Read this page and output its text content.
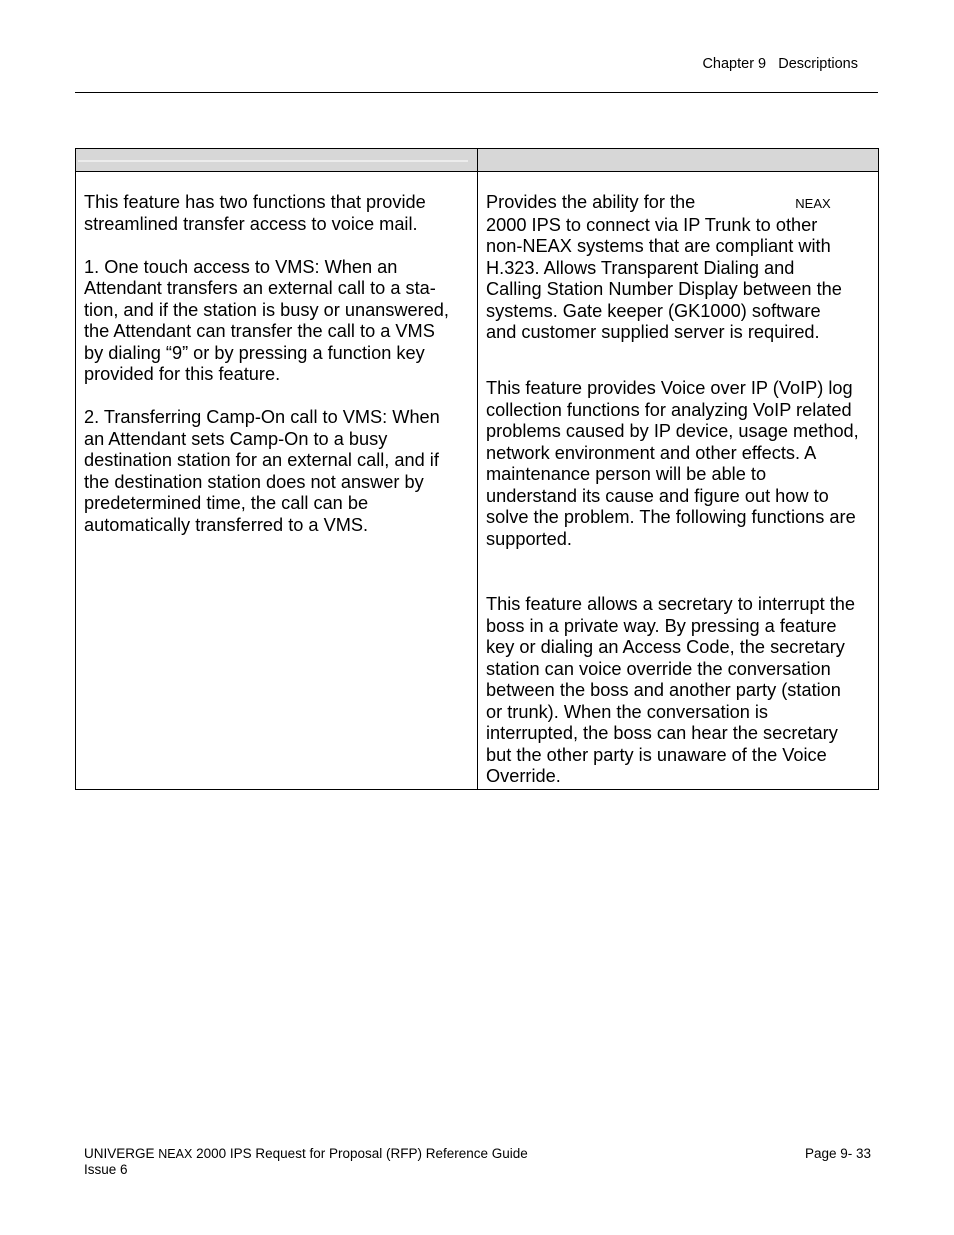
Chapter 9 Descriptions
This feature has two functions that provide
streamlined transfer access to voice mail.
1. One touch access to VMS: When an
Attendant transfers an external call to a sta-
tion, and if the station is busy or unanswered,
the Attendant can transfer the call to a VMS
by dialing “9” or by pressing a function key
provided for this feature.
2. Transferring Camp-On call to VMS: When
an Attendant sets Camp-On to a busy
destination station for an external call, and if
the destination station does not answer by
predetermined time, the call can be
automatically transferred to a VMS.
Provides the ability for the	NEAX
2000 IPS to connect via IP Trunk to other
non-NEAX systems that are compliant with
H.323. Allows Transparent Dialing and
Calling Station Number Display between the
systems. Gate keeper (GK1000) software
and customer supplied server is required.
This feature provides Voice over IP (VoIP) log
collection functions for analyzing VoIP related
problems caused by IP device, usage method,
network environment and other effects. A
maintenance person will be able to
understand its cause and figure out how to
solve the problem. The following functions are
supported.
This feature allows a secretary to interrupt the
boss in a private way. By pressing a feature
key or dialing an Access Code, the secretary
station can voice override the conversation
between the boss and another party (station
or trunk). When the conversation is
interrupted, the boss can hear the secretary
but the other party is unaware of the Voice
Override.
UNIVERGE NEAX 2000 IPS Request for Proposal (RFP) Reference Guide
Issue 6
Page 9- 33
